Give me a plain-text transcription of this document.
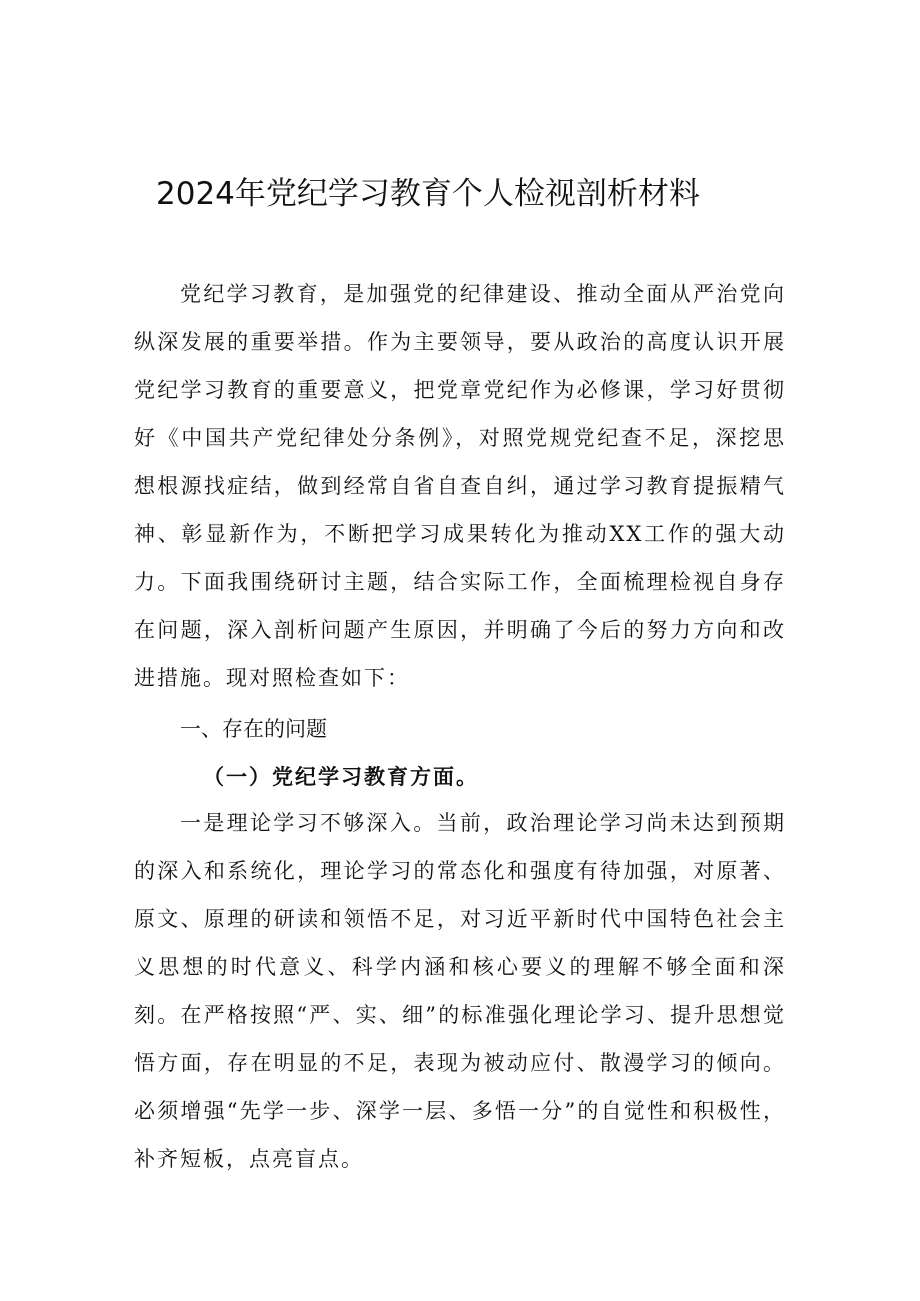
2024年党纪学习教育个人检视剖析材料

党纪学习教育，是加强党的纪律建设、推动全面从严治党向纵深发展的重要举措。作为主要领导，要从政治的高度认识开展党纪学习教育的重要意义，把党章党纪作为必修课，学习好贯彻好《中国共产党纪律处分条例》，对照党规党纪查不足，深挖思想根源找症结，做到经常自省自查自纠，通过学习教育提振精气神、彰显新作为，不断把学习成果转化为推动XX工作的强大动力。下面我围绕研讨主题，结合实际工作，全面梳理检视自身存在问题，深入剖析问题产生原因，并明确了今后的努力方向和改进措施。现对照检查如下：

一、存在的问题
（一）党纪学习教育方面。

一是理论学习不够深入。当前，政治理论学习尚未达到预期的深入和系统化，理论学习的常态化和强度有待加强，对原著、原文、原理的研读和领悟不足，对习近平新时代中国特色社会主义思想的时代意义、科学内涵和核心要义的理解不够全面和深刻。在严格按照“严、实、细”的标准强化理论学习、提升思想觉悟方面，存在明显的不足，表现为被动应付、散漫学习的倾向。必须增强“先学一步、深学一层、多悟一分”的自觉性和积极性，补齐短板，点亮盲点。
